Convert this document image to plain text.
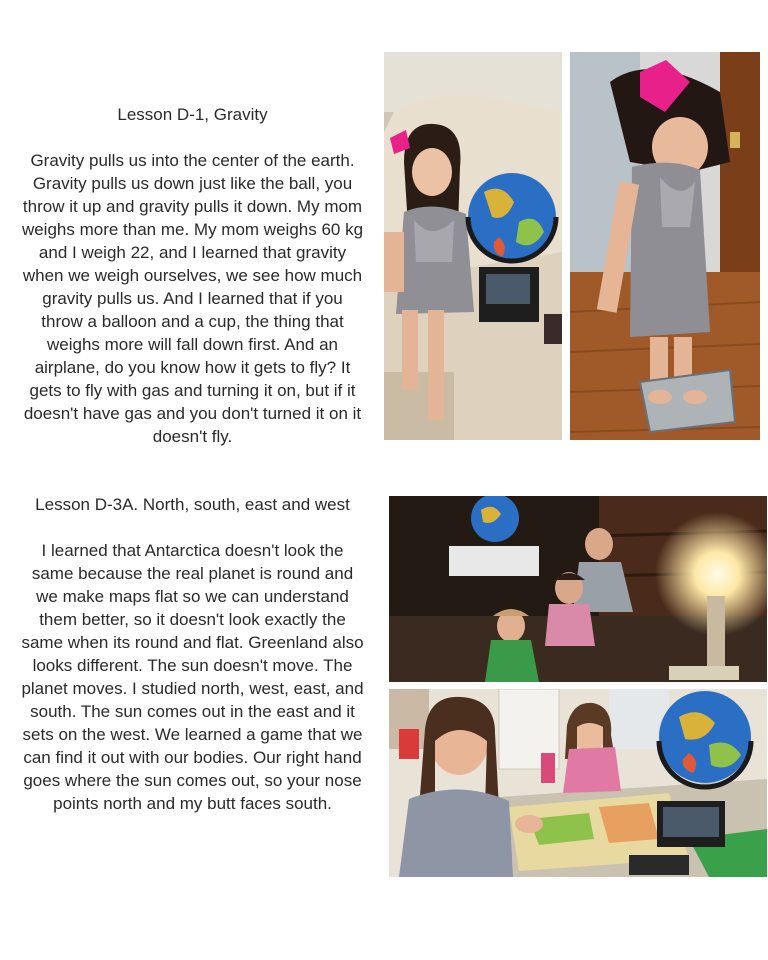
Lesson D-1, Gravity

Gravity pulls us into the center of the earth. Gravity pulls us down just like the ball, you throw it up and gravity pulls it down. My mom weighs more than me. My mom weighs 60 kg and I weigh 22, and I learned that gravity when we weigh ourselves, we see how much gravity pulls us. And I learned that if you throw a balloon and a cup, the thing that weighs more will fall down first. And an airplane, do you know how it gets to fly? It gets to fly with gas and turning it on, but if it doesn't have gas and you don't turned it on it doesn't fly.

Lesson D-3A. North, south, east and west

I learned that Antarctica doesn't look the same because the real planet is round and we make maps flat so we can understand them better, so it doesn't look exactly the same when its round and flat. Greenland also looks different. The sun doesn't move. The planet moves. I studied north, west, east, and south. The sun comes out in the east and it sets on the west. We learned a game that we can find it out with our bodies. Our right hand goes where the sun comes out, so your nose points north and my butt faces south.
